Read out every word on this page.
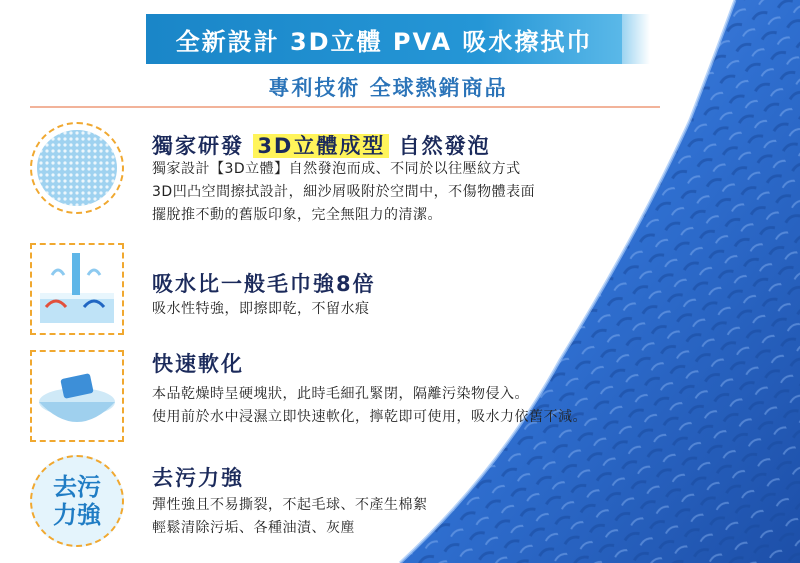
全新設計 3D立體 PVA 吸水擦拭巾
專利技術 全球熱銷商品
獨家研發 3D立體成型 自然發泡
獨家設計【3D立體】自然發泡而成、不同於以往壓紋方式
3D凹凸空間擦拭設計，細沙屑吸附於空間中，不傷物體表面
擺脫推不動的舊版印象，完全無阻力的清潔。
吸水比一般毛巾強8倍
吸水性特強，即擦即乾，不留水痕
快速軟化
本品乾燥時呈硬塊狀，此時毛細孔緊閉，隔離污染物侵入。
使用前於水中浸濕立即快速軟化，擰乾即可使用，吸水力依舊不減。
去污
力強
去污力強
彈性強且不易撕裂，不起毛球、不產生棉絮
輕鬆清除污垢、各種油漬、灰塵
